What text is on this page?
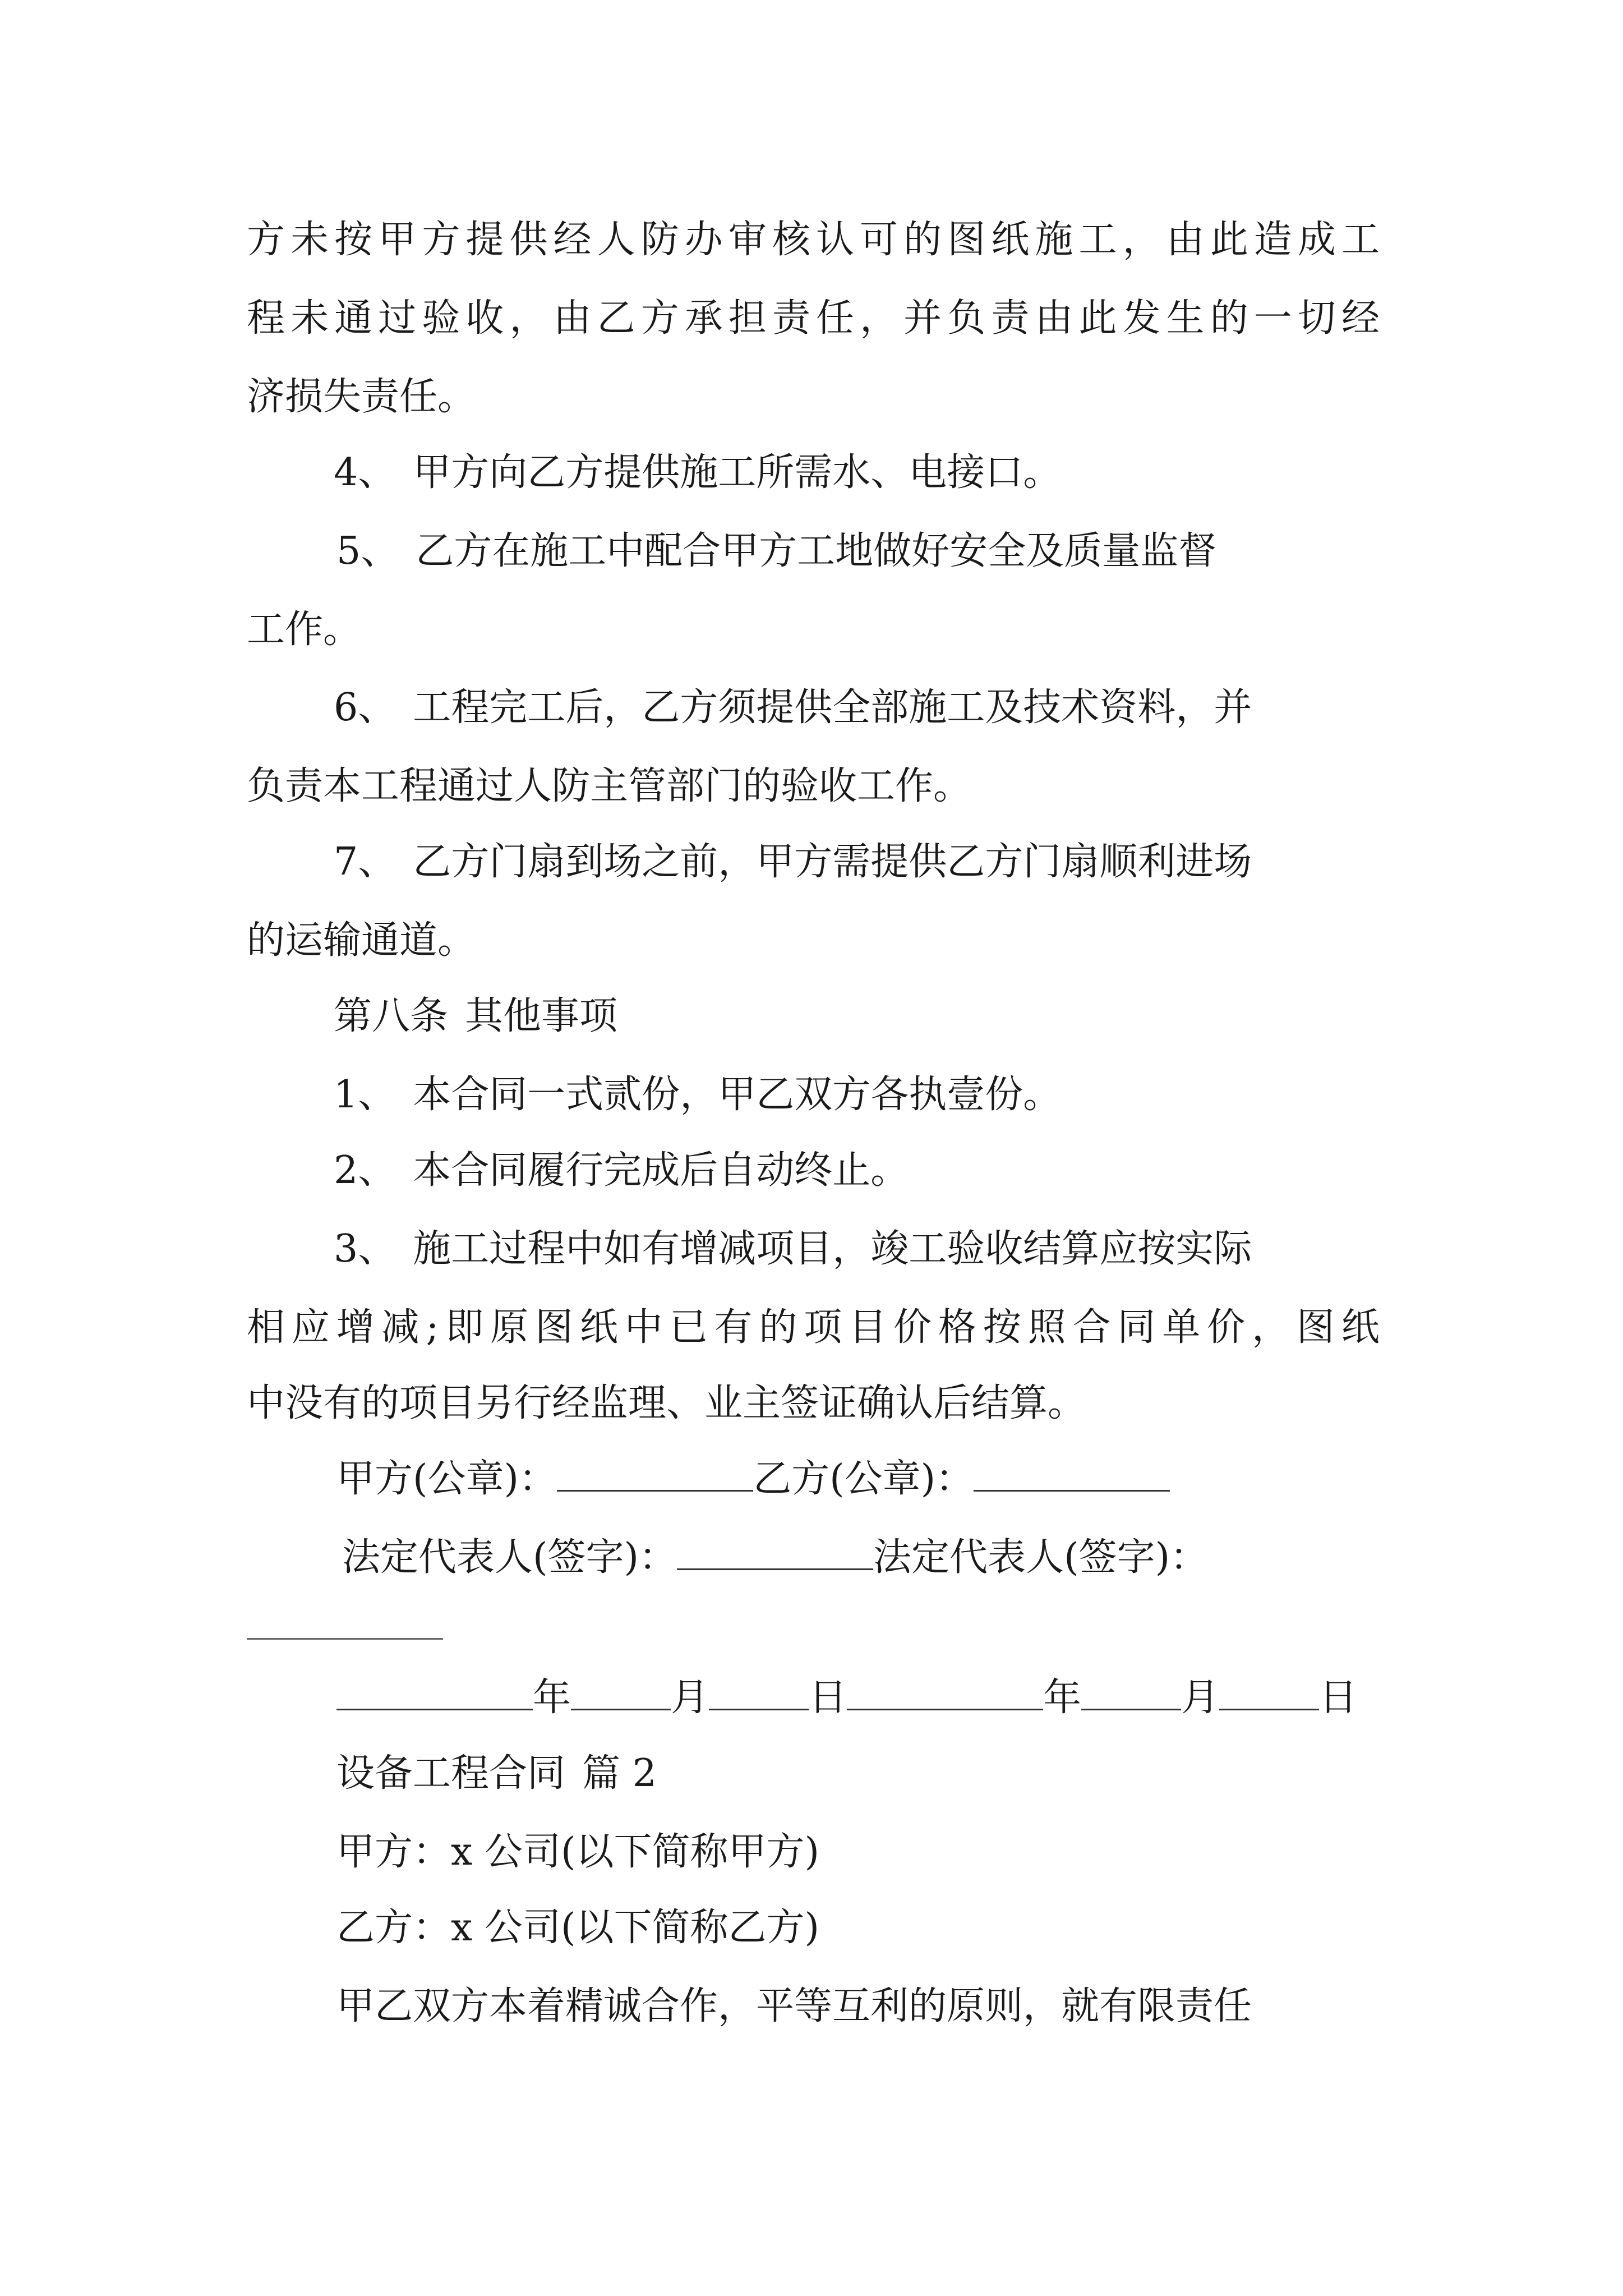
方 未 按 甲 方 提 供 经 人 防 办 审 核 认 可 的 图 纸 施 工 ， 由 此 造 成 工
程 未 通 过 验 收 ， 由 乙 方 承 担 责 任 ， 并 负 责 由 此 发 生 的 一 切 经
济损失责任。
4、 甲方向乙方提供施工所需水、电接口。
5、 乙方在施工中配合甲方工地做好安全及质量监督
工作。
6、 工程完工后，乙方须提供全部施工及技术资料，并
负责本工程通过人防主管部门的验收工作。
7、 乙方门扇到场之前，甲方需提供乙方门扇顺利进场
的运输通道。
第八条 其他事项
1、 本合同一式贰份，甲乙双方各执壹份。
2、 本合同履行完成后自动终止。
3、 施工过程中如有增减项目，竣工验收结算应按实际
相 应 增 减 ; 即 原 图 纸 中 已 有 的 项 目 价 格 按 照 合 同 单 价 ， 图 纸
中没有的项目另行经监理、业主签证确认后结算。
甲方(公章)：	乙方(公章)：
法定代表人(签字)：	法定代表人(签字)：
年	月	日	年	月	日
设备工程合同 篇 2
甲方：x 公司(以下简称甲方)
乙方：x 公司(以下简称乙方)
甲乙双方本着精诚合作，平等互利的原则，就有限责任
